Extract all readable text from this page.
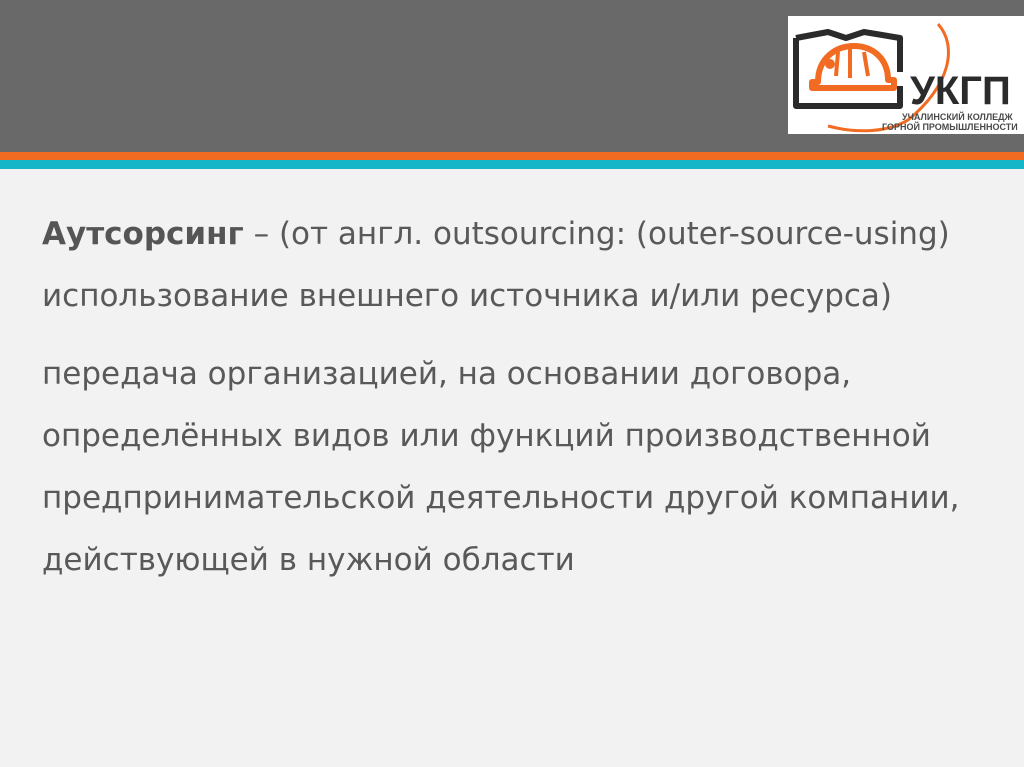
УКГП
УЧАЛИНСКИЙ КОЛЛЕДЖ
ГОРНОЙ ПРОМЫШЛЕННОСТИ

Аутсорсинг – (от англ. outsourcing: (outer-source-using) использование внешнего источника и/или ресурса)

передача организацией, на основании договора, определённых видов или функций производственной предпринимательской деятельности другой компании, действующей в нужной области
